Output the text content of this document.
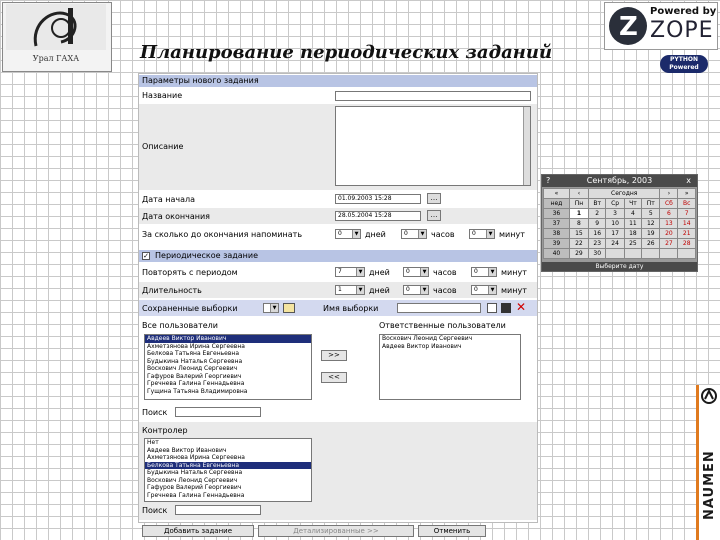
Урал ГАХА	Планирование периодических заданий
Z
Powered by
ZOPE
PYTHON
Powered
Параметры нового задания
Название
Описание
Дата начала	01.09.2003 15:28	…
Дата окончания	28.05.2004 15:28	…
За сколько до окончания напоминать	0	▼ дней	0	▼ часов	0	▼ минут
✓ Периодическое задание
Повторять с периодом	7	▼ дней	0	▼ часов	0	▼ минут
Длительность	1	▼ дней	0	▼ часов	0	▼ минут
Сохраненные выборки	▼	Имя выборки	✕
Все пользователи
Авдеев Виктор Иванович
Ахметзянова Ирина Сергеевна
Белкова Татьяна Евгеньевна
Будыкина Наталья Сергеевна
Воскович Леонид Сергеевич
Гафуров Валерий Георгиевич
Гречнева Галина Геннадьевна
Гущина Татьяна Владимировна
>>
<<
Ответственные пользователи
Воскович Леонид Сергеевич
Авдеев Виктор Иванович
Поиск
Контролер
Нет
Авдеев Виктор Иванович
Ахметзянова Ирина Сергеевна
Белкова Татьяна Евгеньевна
Будыкина Наталья Сергеевна
Воскович Леонид Сергеевич
Гафуров Валерий Георгиевич
Гречнева Галина Геннадьевна
Поиск
Добавить задание	Детализированные >>	Отменить
?	Сентябрь, 2003	x
«	‹	Сегодня				›	»
нед	Пн	Вт	Ср	Чт	Пт	Сб	Вс
36	1	2	3	4	5	6	7
37	8	9	10	11	12	13	14
38	15	16	17	18	19	20	21
39	22	23	24	25	26	27	28
40	29	30					
Выберите дату
NAUMEN
